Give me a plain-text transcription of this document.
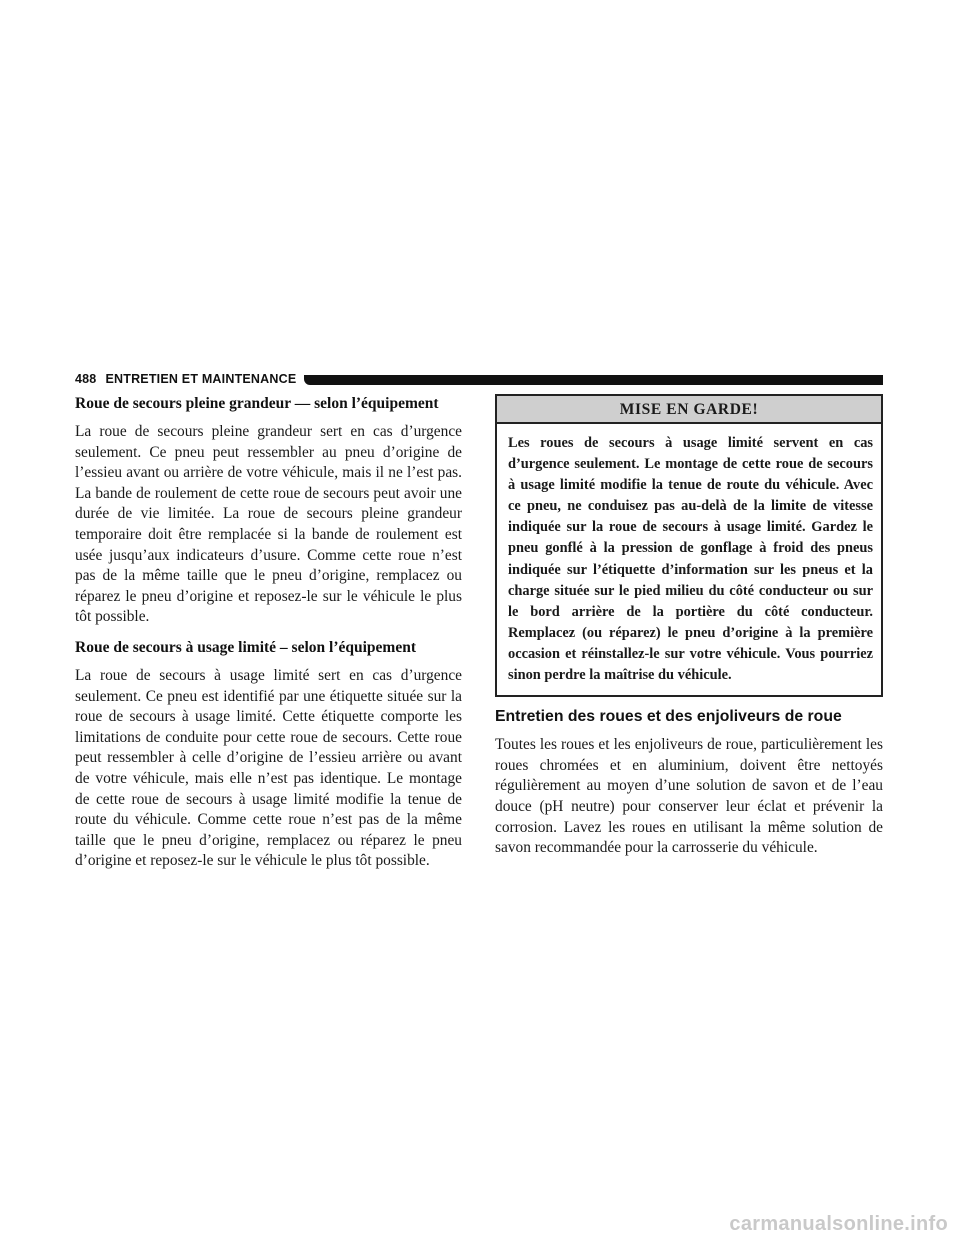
488 ENTRETIEN ET MAINTENANCE
Roue de secours pleine grandeur — selon l’équipement

La roue de secours pleine grandeur sert en cas d’urgence seulement. Ce pneu peut ressembler au pneu d’origine de l’essieu avant ou arrière de votre véhicule, mais il ne l’est pas. La bande de roulement de cette roue de secours peut avoir une durée de vie limitée. La roue de secours pleine grandeur temporaire doit être remplacée si la bande de roulement est usée jusqu’aux indicateurs d’usure. Comme cette roue n’est pas de la même taille que le pneu d’origine, remplacez ou réparez le pneu d’origine et reposez-le sur le véhicule le plus tôt possible.

Roue de secours à usage limité – selon l’équipement

La roue de secours à usage limité sert en cas d’urgence seulement. Ce pneu est identifié par une étiquette située sur la roue de secours à usage limité. Cette étiquette comporte les limitations de conduite pour cette roue de secours. Cette roue peut ressembler à celle d’origine de l’essieu arrière ou avant de votre véhicule, mais elle n’est pas identique. Le montage de cette roue de secours à usage limité modifie la tenue de route du véhicule. Comme cette roue n’est pas de la même taille que le pneu d’origine, remplacez ou réparez le pneu d’origine et reposez-le sur le véhicule le plus tôt possible.

MISE EN GARDE!
Les roues de secours à usage limité servent en cas d’urgence seulement. Le montage de cette roue de secours à usage limité modifie la tenue de route du véhicule. Avec ce pneu, ne conduisez pas au-delà de la limite de vitesse indiquée sur la roue de secours à usage limité. Gardez le pneu gonflé à la pression de gonflage à froid des pneus indiquée sur l’étiquette d’information sur les pneus et la charge située sur le pied milieu du côté conducteur ou sur le bord arrière de la portière du côté conducteur. Remplacez (ou réparez) le pneu d’origine à la première occasion et réinstallez-le sur votre véhicule. Vous pourriez sinon perdre la maîtrise du véhicule.
Entretien des roues et des enjoliveurs de roue

Toutes les roues et les enjoliveurs de roue, particulièrement les roues chromées et en aluminium, doivent être nettoyés régulièrement au moyen d’une solution de savon et de l’eau douce (pH neutre) pour conserver leur éclat et prévenir la corrosion. Lavez les roues en utilisant la même solution de savon recommandée pour la carrosserie du véhicule.

carmanualsonline.info
